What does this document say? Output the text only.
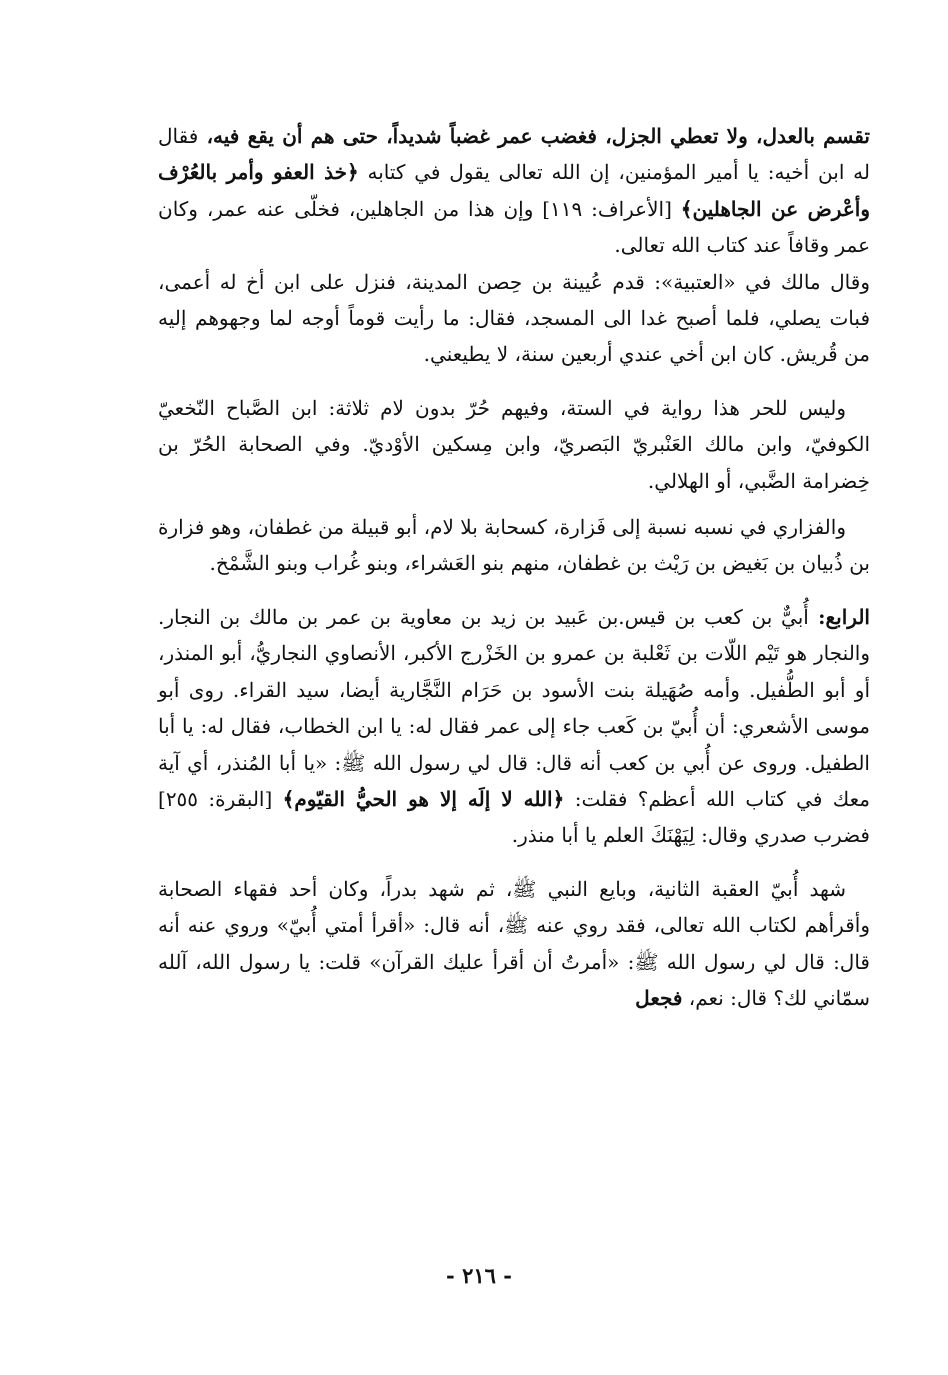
تقسم بالعدل، ولا تعطي الجزل، فغضب عمر غضباً شديداً، حتى هم أن يقع فيه، فقال له ابن أخيه: يا أمير المؤمنين، إن الله تعالى يقول في كتابه ﴿خذ العفو وأمر بالعُرْف وأعْرض عن الجاهلين﴾ [الأعراف: ١١٩] وإن هذا من الجاهلين، فخلّى عنه عمر، وكان عمر وقافاً عند كتاب الله تعالى.

وقال مالك في «العتبية»: قدم عُيينة بن حِصن المدينة، فنزل على ابن أخ له أعمى، فبات يصلي، فلما أصبح غدا الى المسجد، فقال: ما رأيت قوماً أوجه لما وجهوهم إليه من قُريش. كان ابن أخي عندي أربعين سنة، لا يطيعني.

وليس للحر هذا رواية في الستة، وفيهم حُرّ بدون لام ثلاثة: ابن الصَّباح النّخعيّ الكوفيّ، وابن مالك العَنْبريّ البَصريّ، وابن مِسكين الأوْديّ. وفي الصحابة الحُرّ بن خِضرامة الضَّبي، أو الهلالي.

والفزاري في نسبه نسبة إلى فَزارة، كسحابة بلا لام، أبو قبيلة من غطفان، وهو فزارة بن ذُبيان بن بَغيض بن رَيْث بن غطفان، منهم بنو العَشراء، وبنو غُراب وبنو الشَّمْخ.

الرابع: أُبيٌّ بن كعب بن قيس.بن عَبيد بن زيد بن معاوية بن عمر بن مالك بن النجار. والنجار هو تَيْم اللّات بن ثَعْلبة بن عمرو بن الخَزْرج الأكبر، الأنصاوي النجاريُّ، أبو المنذر، أو أبو الطُّفيل. وأمه صُهَيلة بنت الأسود بن حَرَام النَّجَّارية أيضا، سيد القراء. روى أبو موسى الأشعري: أن أُبيّ بن كَعب جاء إلى عمر فقال له: يا ابن الخطاب، فقال له: يا أبا الطفيل. وروى عن أُبي بن كعب أنه قال: قال لي رسول الله ﷺ: «يا أبا المُنذر، أي آية معك في كتاب الله أعظم؟ فقلت: ﴿الله لا إلَه إلا هو الحيُّ القيّوم﴾ [البقرة: ٢٥٥] فضرب صدري وقال: لِيَهْنَكَ العلم يا أبا منذر.

شهد أُبيّ العقبة الثانية، وبايع النبي ﷺ، ثم شهد بدراً، وكان أحد فقهاء الصحابة وأقرأهم لكتاب الله تعالى، فقد روي عنه ﷺ، أنه قال: «أقرأ أمتي أُبيّ» وروي عنه أنه قال: قال لي رسول الله ﷺ: «أمرتُ أن أقرأ عليك القرآن» قلت: يا رسول الله، آلله سمّاني لك؟ قال: نعم، فجعل

- ٢١٦ -
